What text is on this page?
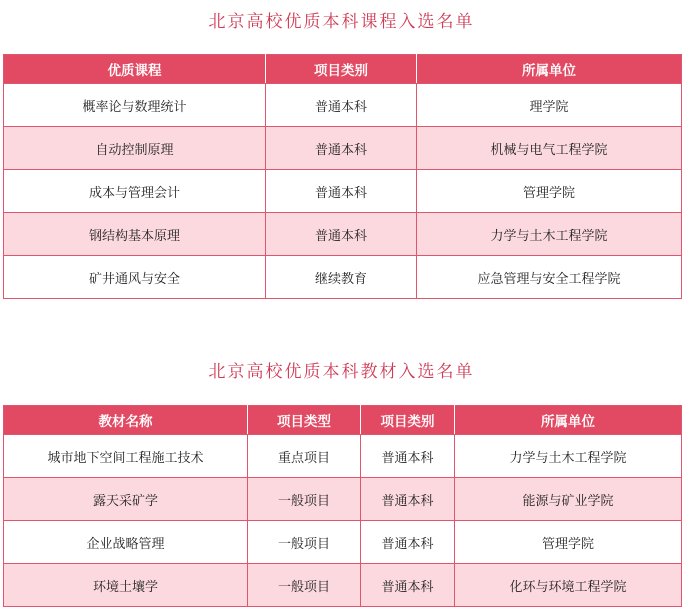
北京高校优质本科课程入选名单
优质课程	项目类别	所属单位
概率论与数理统计	普通本科	理学院
自动控制原理	普通本科	机械与电气工程学院
成本与管理会计	普通本科	管理学院
钢结构基本原理	普通本科	力学与土木工程学院
矿井通风与安全	继续教育	应急管理与安全工程学院
北京高校优质本科教材入选名单
教材名称	项目类型	项目类别	所属单位
城市地下空间工程施工技术	重点项目	普通本科	力学与土木工程学院
露天采矿学	一般项目	普通本科	能源与矿业学院
企业战略管理	一般项目	普通本科	管理学院
环境土壤学	一般项目	普通本科	化环与环境工程学院
